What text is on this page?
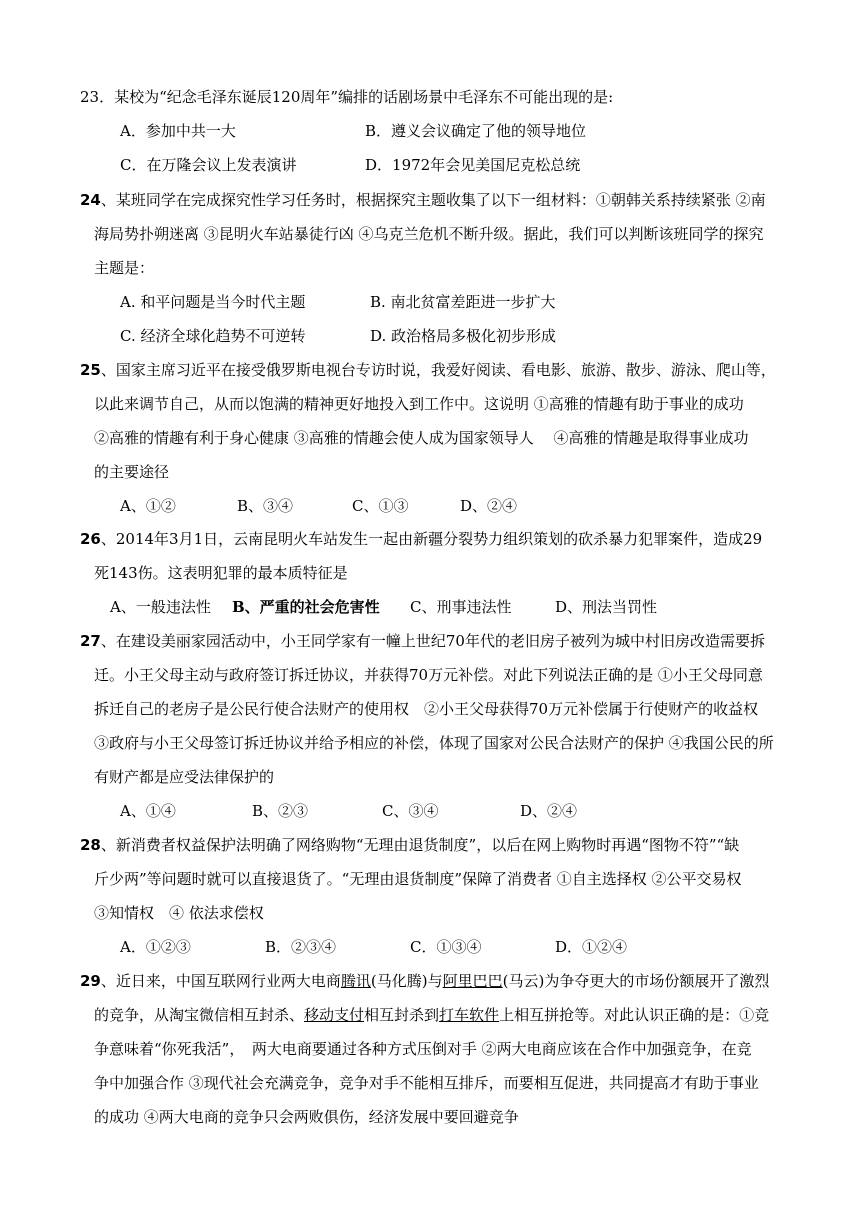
23．某校为“纪念毛泽东诞辰120周年”编排的话剧场景中毛泽东不可能出现的是:
A．参加中共一大	B．遵义会议确定了他的领导地位
C．在万隆会议上发表演讲	D．1972年会见美国尼克松总统
24、某班同学在完成探究性学习任务时，根据探究主题收集了以下一组材料：①朝韩关系持续紧张 ②南
海局势扑朔迷离 ③昆明火车站暴徒行凶 ④乌克兰危机不断升级。据此，我们可以判断该班同学的探究
主题是：
A. 和平问题是当今时代主题	B. 南北贫富差距进一步扩大
C. 经济全球化趋势不可逆转	D. 政治格局多极化初步形成
25、国家主席习近平在接受俄罗斯电视台专访时说，我爱好阅读、看电影、旅游、散步、游泳、爬山等，
以此来调节自己，从而以饱满的精神更好地投入到工作中。这说明 ①高雅的情趣有助于事业的成功
②高雅的情趣有利于身心健康 ③高雅的情趣会使人成为国家领导人　 ④高雅的情趣是取得事业成功
的主要途径
A、①②	B、③④	C、①③	D、②④
26、2014年3月1日，云南昆明火车站发生一起由新疆分裂势力组织策划的砍杀暴力犯罪案件，造成29
死143伤。这表明犯罪的最本质特征是
A、一般违法性	B、严重的社会危害性	C、刑事违法性	D、刑法当罚性
27、在建设美丽家园活动中，小王同学家有一幢上世纪70年代的老旧房子被列为城中村旧房改造需要拆
迁。小王父母主动与政府签订拆迁协议，并获得70万元补偿。对此下列说法正确的是 ①小王父母同意
拆迁自己的老房子是公民行使合法财产的使用权　②小王父母获得70万元补偿属于行使财产的收益权
③政府与小王父母签订拆迁协议并给予相应的补偿，体现了国家对公民合法财产的保护 ④我国公民的所
有财产都是应受法律保护的
A、①④	B、②③	C、③④	D、②④
28、新消费者权益保护法明确了网络购物“无理由退货制度”，以后在网上购物时再遇“图物不符”“缺
斤少两”等问题时就可以直接退货了。“无理由退货制度”保障了消费者 ①自主选择权 ②公平交易权
③知情权　④ 依法求偿权
A．①②③	B．②③④	C．①③④	D．①②④
29、近日来，中国互联网行业两大电商腾讯(马化腾)与阿里巴巴(马云)为争夺更大的市场份额展开了激烈
的竞争，从淘宝微信相互封杀、移动支付相互封杀到打车软件上相互拼抢等。对此认识正确的是：①竞
争意味着“你死我活”，　两大电商要通过各种方式压倒对手 ②两大电商应该在合作中加强竞争，在竞
争中加强合作 ③现代社会充满竞争，竞争对手不能相互排斥，而要相互促进，共同提高才有助于事业
的成功 ④两大电商的竞争只会两败俱伤，经济发展中要回避竞争
